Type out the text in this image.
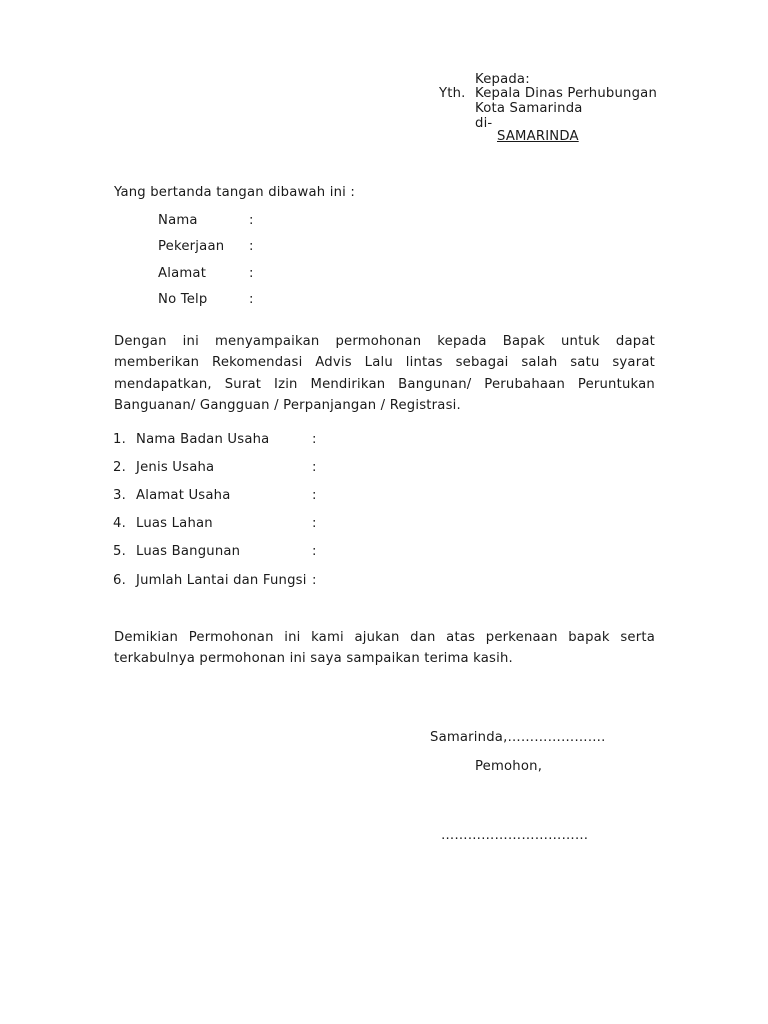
Kepada:
Yth. Kepala Dinas Perhubungan
Kota Samarinda
di-
SAMARINDA
Yang bertanda tangan dibawah ini :
Nama	:
Pekerjaan :
Alamat	:
No Telp	:
Dengan ini menyampaikan permohonan kepada Bapak untuk dapat memberikan Rekomendasi Advis Lalu lintas sebagai salah satu syarat mendapatkan, Surat Izin Mendirikan Bangunan/ Perubahaan Peruntukan Banguanan/ Gangguan / Perpanjangan / Registrasi.
1. Nama Badan Usaha	:
2. Jenis Usaha	:
3. Alamat Usaha	:
4. Luas Lahan	:
5. Luas Bangunan	:
6. Jumlah Lantai dan Fungsi :
Demikian Permohonan ini kami ajukan dan atas perkenaan bapak serta terkabulnya permohonan ini saya sampaikan terima kasih.
Samarinda,………………….
Pemohon,
……………………………
